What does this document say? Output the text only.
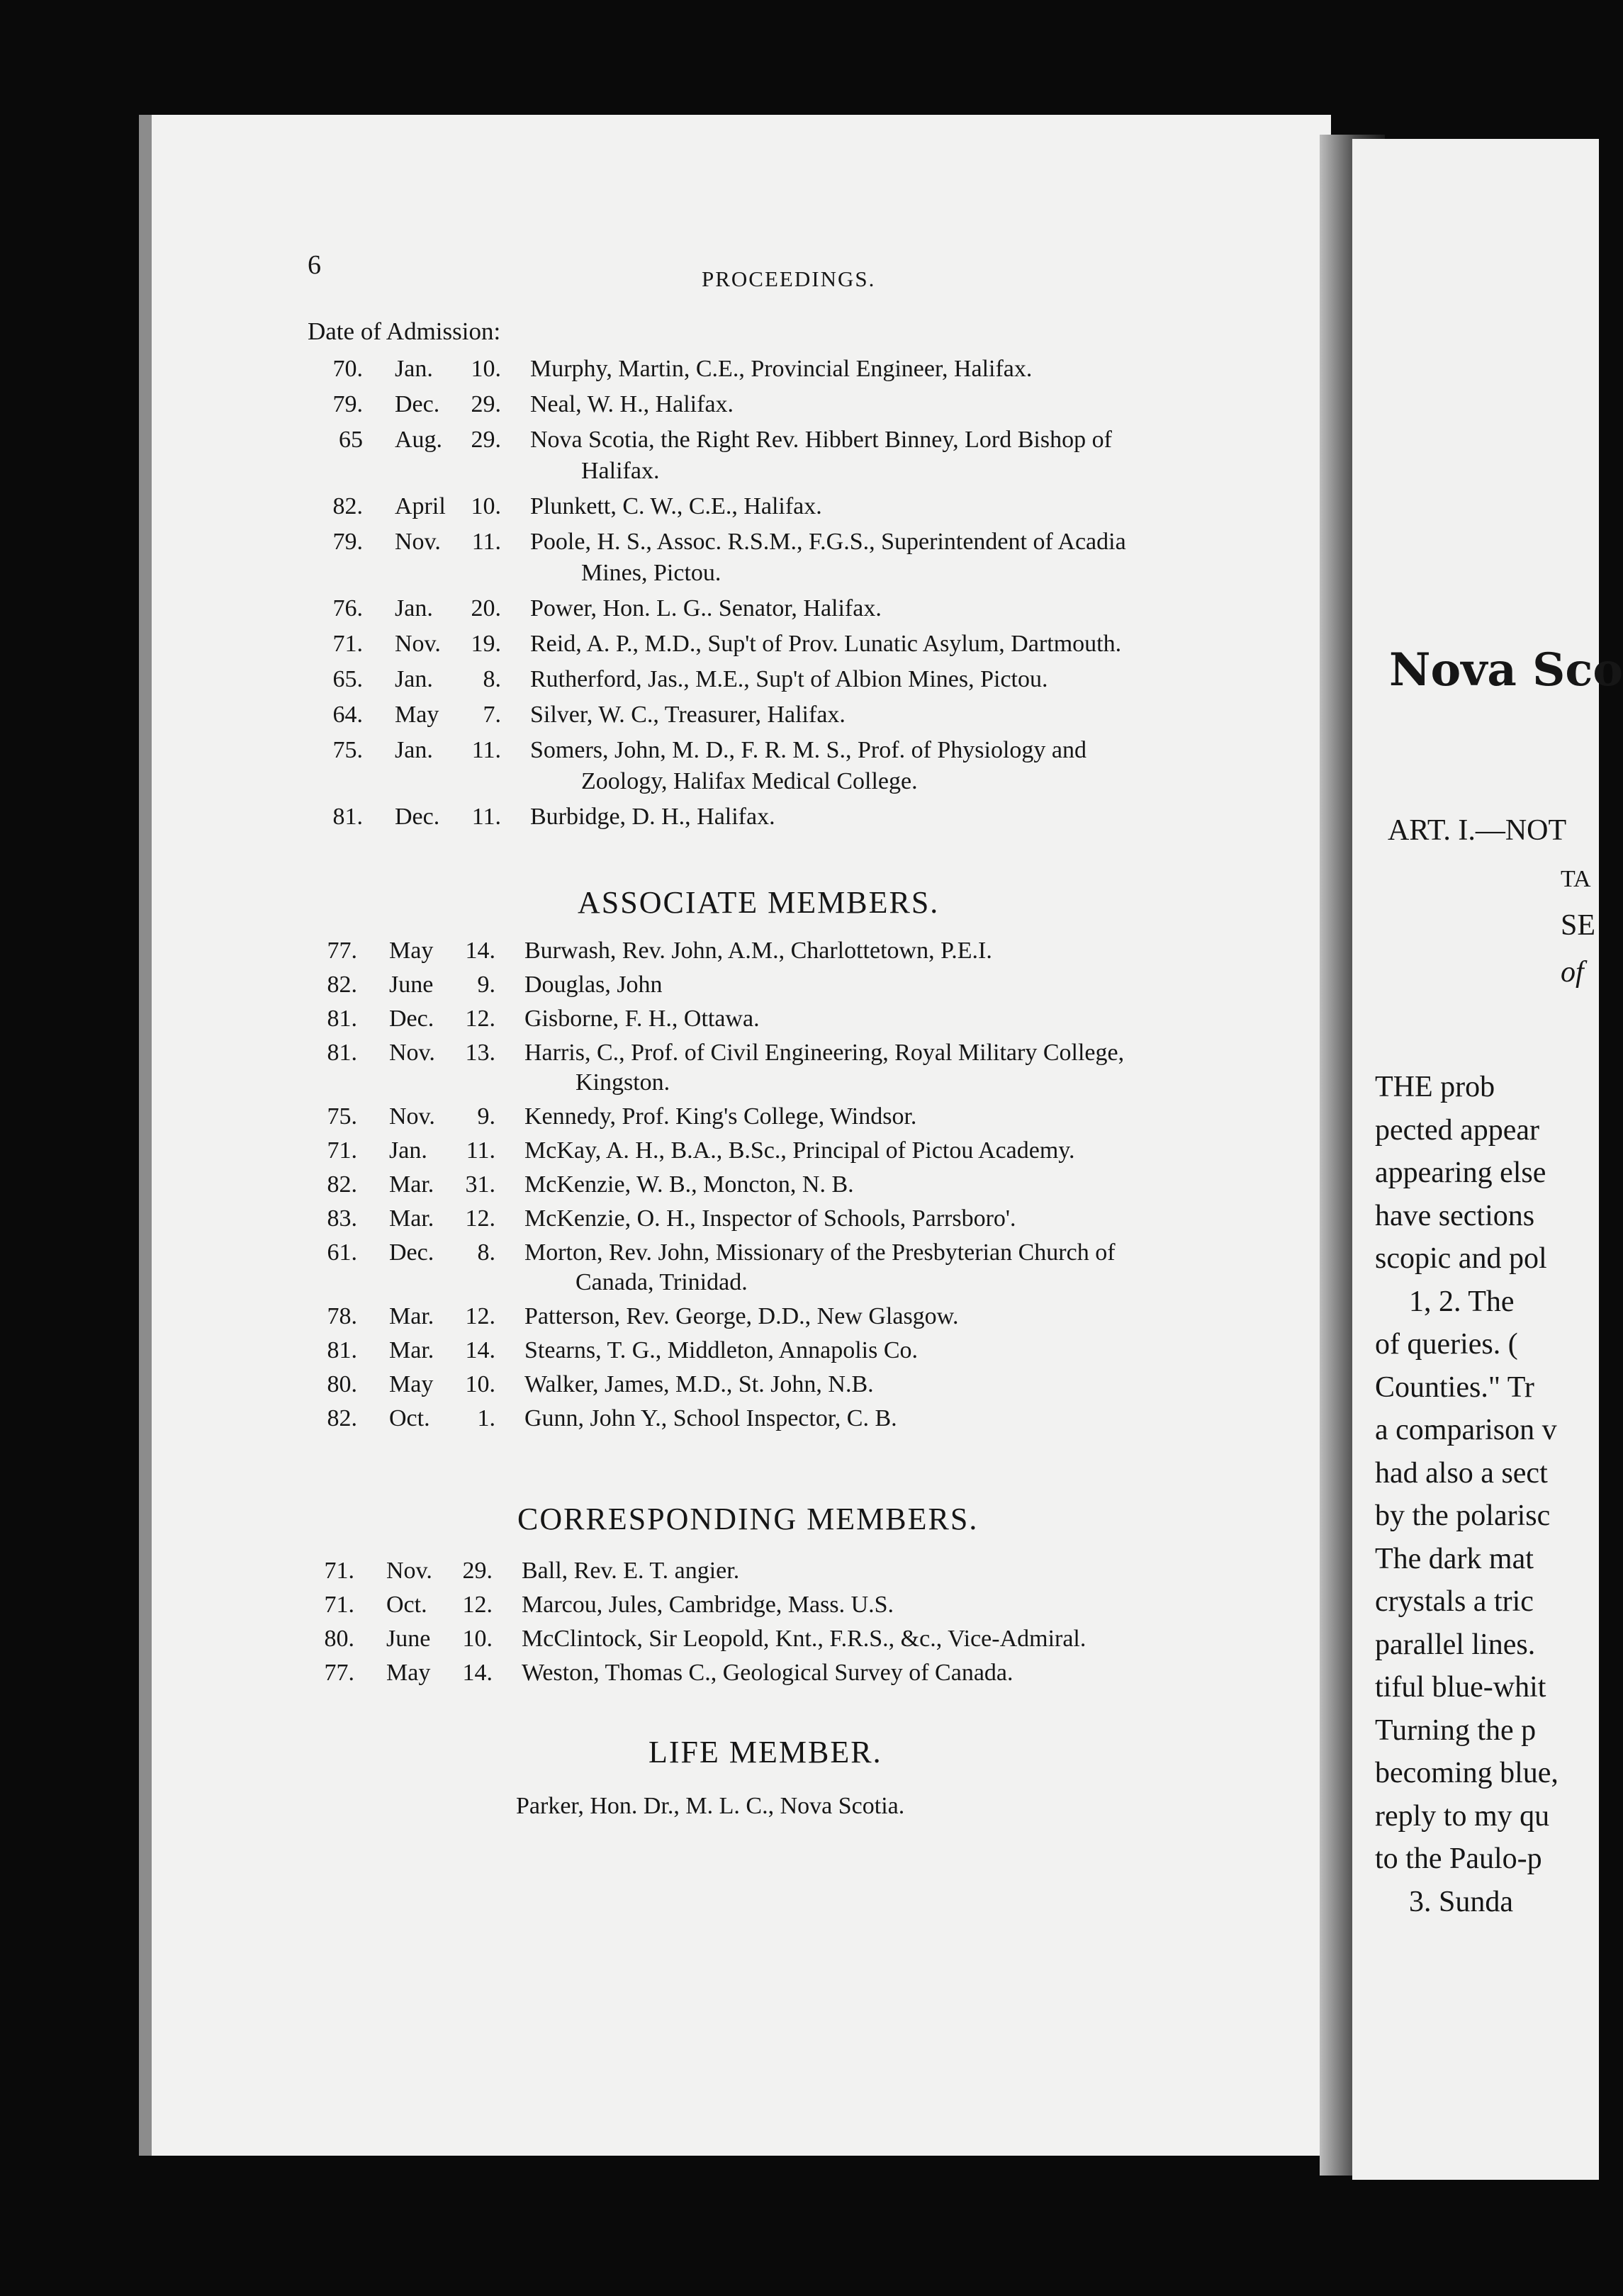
6	PROCEEDINGS.
Date of Admission:
70. Jan.	10. Murphy, Martin, C.E., Provincial Engineer, Halifax.
79. Dec.	29. Neal, W. H., Halifax.
65 Aug.	29. Nova Scotia, the Right Rev. Hibbert Binney, Lord Bishop of
Halifax.
82. April	10. Plunkett, C. W., C.E., Halifax.
79. Nov.	11. Poole, H. S., Assoc. R.S.M., F.G.S., Superintendent of Acadia
Mines, Pictou.
76. Jan.	20. Power, Hon. L. G.. Senator, Halifax.
71. Nov.	19. Reid, A. P., M.D., Sup't of Prov. Lunatic Asylum, Dartmouth.
65. Jan.	8. Rutherford, Jas., M.E., Sup't of Albion Mines, Pictou.
64. May	7. Silver, W. C., Treasurer, Halifax.
75. Jan.	11. Somers, John, M. D., F. R. M. S., Prof. of Physiology and
Zoology, Halifax Medical College.
81. Dec.	11. Burbidge, D. H., Halifax.
ASSOCIATE MEMBERS.
77. May	14. Burwash, Rev. John, A.M., Charlottetown, P.E.I.
82. June	9. Douglas, John
81. Dec.	12. Gisborne, F. H., Ottawa.
81. Nov.	13. Harris, C., Prof. of Civil Engineering, Royal Military College,
Kingston.
75. Nov.	9. Kennedy, Prof. King's College, Windsor.
71. Jan.	11. McKay, A. H., B.A., B.Sc., Principal of Pictou Academy.
82. Mar.	31. McKenzie, W. B., Moncton, N. B.
83. Mar.	12. McKenzie, O. H., Inspector of Schools, Parrsboro'.
61. Dec.	8. Morton, Rev. John, Missionary of the Presbyterian Church of
Canada, Trinidad.
78. Mar.	12. Patterson, Rev. George, D.D., New Glasgow.
81. Mar.	14. Stearns, T. G., Middleton, Annapolis Co.
80. May	10. Walker, James, M.D., St. John, N.B.
82. Oct.	1. Gunn, John Y., School Inspector, C. B.
CORRESPONDING MEMBERS.
71. Nov.	29. Ball, Rev. E. T. angier.
71. Oct.	12. Marcou, Jules, Cambridge, Mass. U.S.
80. June	10. McClintock, Sir Leopold, Knt., F.R.S., &c., Vice-Admiral.
77. May	14. Weston, Thomas C., Geological Survey of Canada.
LIFE MEMBER.
Parker, Hon. Dr., M. L. C., Nova Scotia.
Nova Sco
ART. I.—NOT
TA
SE
of
THE prob
pected appear
appearing else
have sections
scopic and pol
1, 2. The
of queries. (
Counties." Tr
a comparison v
had also a sect
by the polarisc
The dark mat
crystals a tric
parallel lines.
tiful blue-whit
Turning the p
becoming blue,
reply to my qu
to the Paulo-p
3. Sunda
